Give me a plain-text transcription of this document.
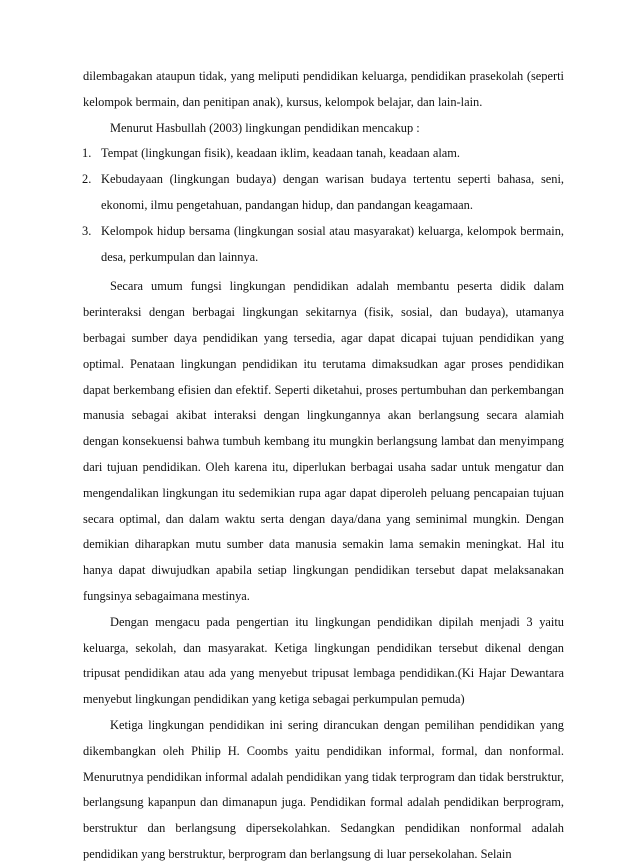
dilembagakan ataupun tidak, yang meliputi pendidikan keluarga, pendidikan prasekolah (seperti kelompok bermain, dan penitipan anak), kursus, kelompok belajar, dan lain-lain.

Menurut Hasbullah (2003) lingkungan pendidikan mencakup :

1. Tempat (lingkungan fisik), keadaan iklim, keadaan tanah, keadaan alam.
2. Kebudayaan (lingkungan budaya) dengan warisan budaya tertentu seperti bahasa, seni, ekonomi, ilmu pengetahuan, pandangan hidup, dan pandangan keagamaan.
3. Kelompok hidup bersama (lingkungan sosial atau masyarakat) keluarga, kelompok bermain, desa, perkumpulan dan lainnya.

Secara umum fungsi lingkungan pendidikan adalah membantu peserta didik dalam berinteraksi dengan berbagai lingkungan sekitarnya (fisik, sosial, dan budaya), utamanya berbagai sumber daya pendidikan yang tersedia, agar dapat dicapai tujuan pendidikan yang optimal. Penataan lingkungan pendidikan itu terutama dimaksudkan agar proses pendidikan dapat berkembang efisien dan efektif. Seperti diketahui, proses pertumbuhan dan perkembangan manusia sebagai akibat interaksi dengan lingkungannya akan berlangsung secara alamiah dengan konsekuensi bahwa tumbuh kembang itu mungkin berlangsung lambat dan menyimpang dari tujuan pendidikan. Oleh karena itu, diperlukan berbagai usaha sadar untuk mengatur dan mengendalikan lingkungan itu sedemikian rupa agar dapat diperoleh peluang pencapaian tujuan secara optimal, dan dalam waktu serta dengan daya/dana yang seminimal mungkin. Dengan demikian diharapkan mutu sumber data manusia semakin lama semakin meningkat. Hal itu hanya dapat diwujudkan apabila setiap lingkungan pendidikan tersebut dapat melaksanakan fungsinya sebagaimana mestinya.

Dengan mengacu pada pengertian itu lingkungan pendidikan dipilah menjadi 3 yaitu keluarga, sekolah, dan masyarakat. Ketiga lingkungan pendidikan tersebut dikenal dengan tripusat pendidikan atau ada yang menyebut tripusat lembaga pendidikan.(Ki Hajar Dewantara menyebut lingkungan pendidikan yang ketiga sebagai perkumpulan pemuda)

Ketiga lingkungan pendidikan ini sering dirancukan dengan pemilihan pendidikan yang dikembangkan oleh Philip H. Coombs yaitu pendidikan informal, formal, dan nonformal. Menurutnya pendidikan informal adalah pendidikan yang tidak terprogram dan tidak berstruktur, berlangsung kapanpun dan dimanapun juga. Pendidikan formal adalah pendidikan berprogram, berstruktur dan berlangsung dipersekolahkan. Sedangkan pendidikan nonformal adalah pendidikan yang berstruktur, berprogram dan berlangsung di luar persekolahan. Selain
